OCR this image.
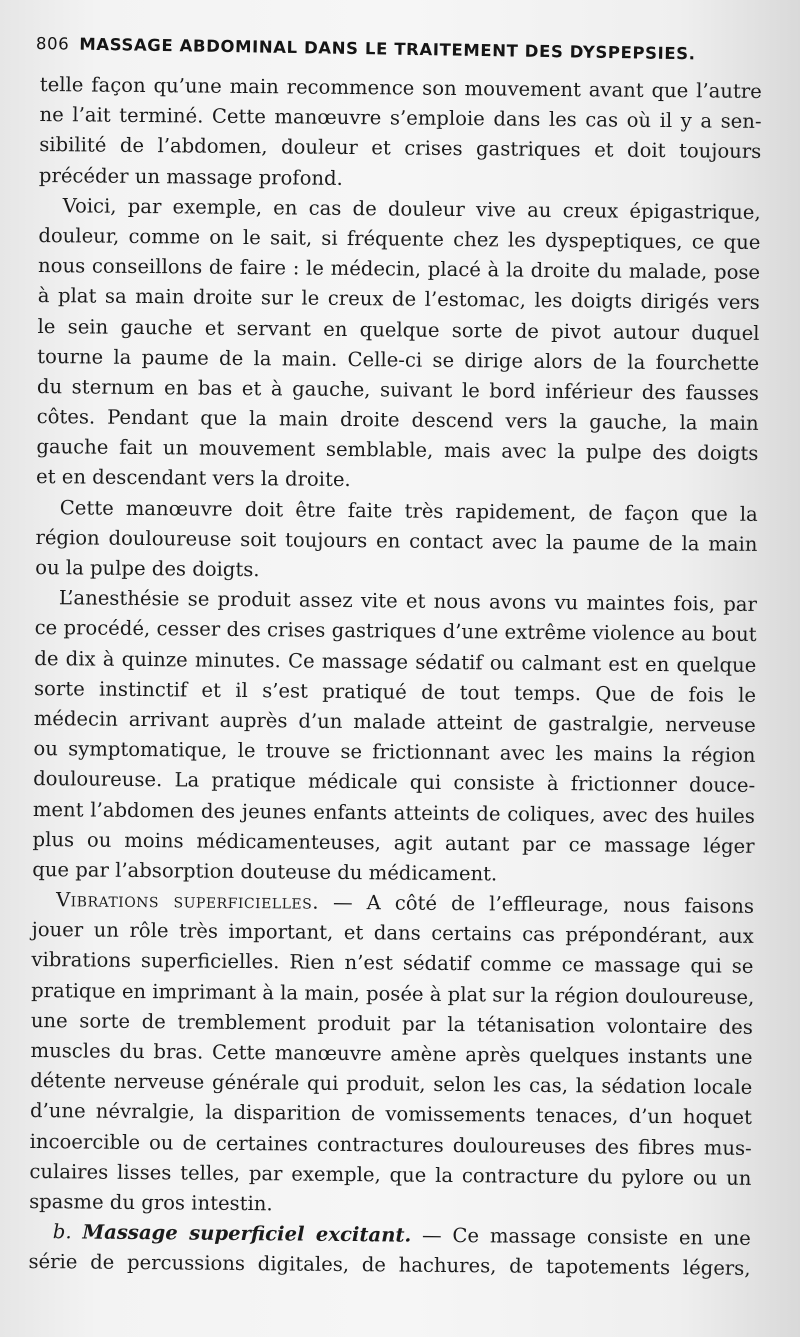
806 MASSAGE ABDOMINAL DANS LE TRAITEMENT DES DYSPEPSIES.

telle façon qu’une main recommence son mouvement avant que l’autre
ne l’ait terminé. Cette manœuvre s’emploie dans les cas où il y a sen-
sibilité de l’abdomen, douleur et crises gastriques et doit toujours
précéder un massage profond.

Voici, par exemple, en cas de douleur vive au creux épigastrique,
douleur, comme on le sait, si fréquente chez les dyspeptiques, ce que
nous conseillons de faire : le médecin, placé à la droite du malade, pose
à plat sa main droite sur le creux de l’estomac, les doigts dirigés vers
le sein gauche et servant en quelque sorte de pivot autour duquel
tourne la paume de la main. Celle-ci se dirige alors de la fourchette
du sternum en bas et à gauche, suivant le bord inférieur des fausses
côtes. Pendant que la main droite descend vers la gauche, la main
gauche fait un mouvement semblable, mais avec la pulpe des doigts
et en descendant vers la droite.

Cette manœuvre doit être faite très rapidement, de façon que la
région douloureuse soit toujours en contact avec la paume de la main
ou la pulpe des doigts.

L’anesthésie se produit assez vite et nous avons vu maintes fois, par
ce procédé, cesser des crises gastriques d’une extrême violence au bout
de dix à quinze minutes. Ce massage sédatif ou calmant est en quelque
sorte instinctif et il s’est pratiqué de tout temps. Que de fois le
médecin arrivant auprès d’un malade atteint de gastralgie, nerveuse
ou symptomatique, le trouve se frictionnant avec les mains la région
douloureuse. La pratique médicale qui consiste à frictionner douce-
ment l’abdomen des jeunes enfants atteints de coliques, avec des huiles
plus ou moins médicamenteuses, agit autant par ce massage léger
que par l’absorption douteuse du médicament.

Vibrations superficielles. — A côté de l’effleurage, nous faisons
jouer un rôle très important, et dans certains cas prépondérant, aux
vibrations superficielles. Rien n’est sédatif comme ce massage qui se
pratique en imprimant à la main, posée à plat sur la région douloureuse,
une sorte de tremblement produit par la tétanisation volontaire des
muscles du bras. Cette manœuvre amène après quelques instants une
détente nerveuse générale qui produit, selon les cas, la sédation locale
d’une névralgie, la disparition de vomissements tenaces, d’un hoquet
incoercible ou de certaines contractures douloureuses des fibres mus-
culaires lisses telles, par exemple, que la contracture du pylore ou un
spasme du gros intestin.

b. Massage superficiel excitant. — Ce massage consiste en une
série de percussions digitales, de hachures, de tapotements légers,
